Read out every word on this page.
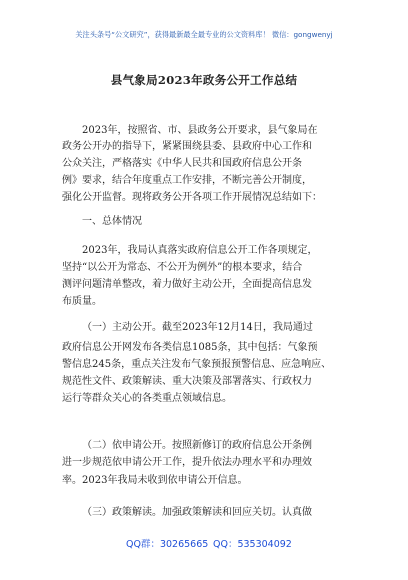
关注头条号“公文研究”，获得最新最全最专业的公文资料库！ 微信：gongwenyj
县气象局2023年政务公开工作总结
2023年，按照省、市、县政务公开要求，县气象局在
政务公开办的指导下，紧紧围绕县委、县政府中心工作和
公众关注，严格落实《中华人民共和国政府信息公开条
例》要求，结合年度重点工作安排，不断完善公开制度，
强化公开监督。现将政务公开各项工作开展情况总结如下：
一、总体情况
2023年，我局认真落实政府信息公开工作各项规定，
坚持“以公开为常态、不公开为例外”的根本要求，结合
测评问题清单整改，着力做好主动公开，全面提高信息发
布质量。
（一）主动公开。截至2023年12月14日，我局通过
政府信息公开网发布各类信息1085条，其中包括：气象预
警信息245条，重点关注发布气象预报预警信息、应急响应、
规范性文件、政策解读、重大决策及部署落实、行政权力
运行等群众关心的各类重点领域信息。
（二）依申请公开。按照新修订的政府信息公开条例
进一步规范依申请公开工作，提升依法办理水平和办理效
率。2023年我局未收到依申请公开信息。
（三）政策解读。加强政策解读和回应关切。认真做
QQ群：30265665 QQ：535304092
